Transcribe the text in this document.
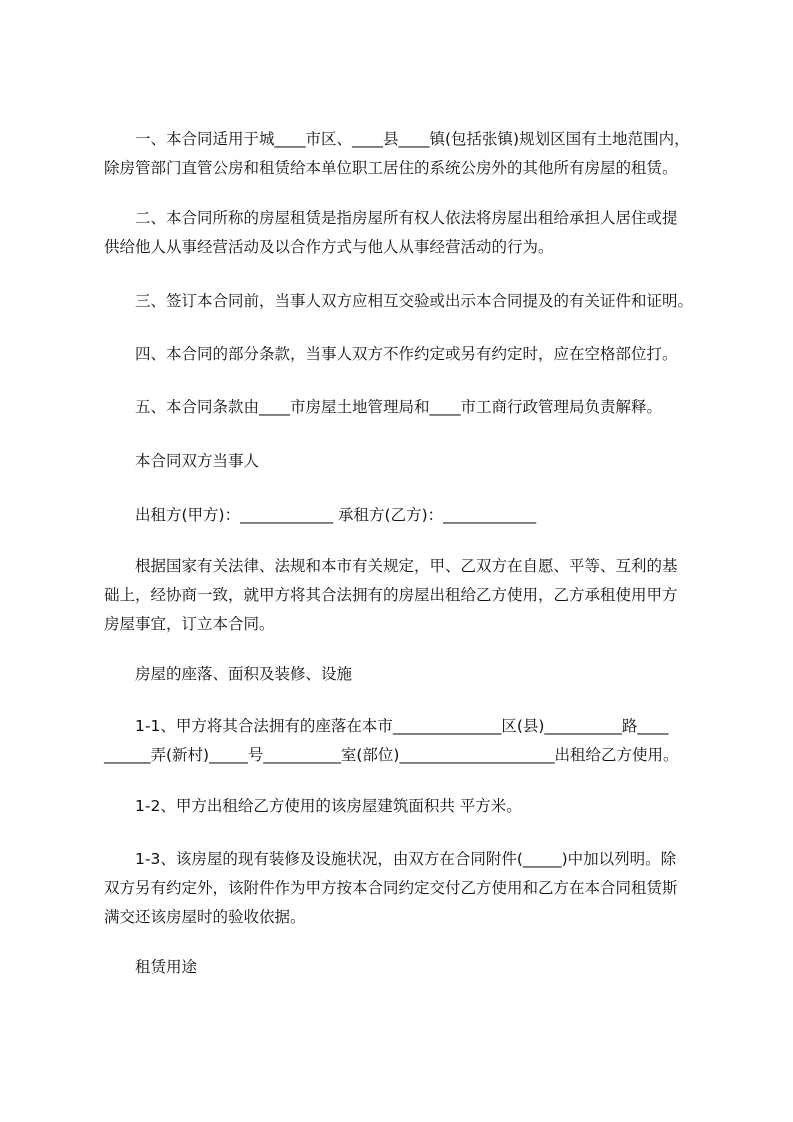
　　一、本合同适用于城____市区、____县____镇(包括张镇)规划区国有土地范围内，
除房管部门直管公房和租赁给本单位职工居住的系统公房外的其他所有房屋的租赁。

　　二、本合同所称的房屋租赁是指房屋所有权人依法将房屋出租给承担人居住或提
供给他人从事经营活动及以合作方式与他人从事经营活动的行为。

　　三、签订本合同前，当事人双方应相互交验或出示本合同提及的有关证件和证明。

　　四、本合同的部分条款，当事人双方不作约定或另有约定时，应在空格部位打。

　　五、本合同条款由____市房屋土地管理局和____市工商行政管理局负责解释。

　　本合同双方当事人

　　出租方(甲方)：____________ 承租方(乙方)：____________

　　根据国家有关法律、法规和本市有关规定，甲、乙双方在自愿、平等、互利的基
础上，经协商一致，就甲方将其合法拥有的房屋出租给乙方使用，乙方承租使用甲方
房屋事宜，订立本合同。

　　房屋的座落、面积及装修、设施

　　1-1、甲方将其合法拥有的座落在本市______________区(县)__________路____
______弄(新村)_____号__________室(部位)____________________出租给乙方使用。

　　1-2、甲方出租给乙方使用的该房屋建筑面积共 平方米。

　　1-3、该房屋的现有装修及设施状况，由双方在合同附件(_____)中加以列明。除
双方另有约定外，该附件作为甲方按本合同约定交付乙方使用和乙方在本合同租赁斯
满交还该房屋时的验收依据。

　　租赁用途
